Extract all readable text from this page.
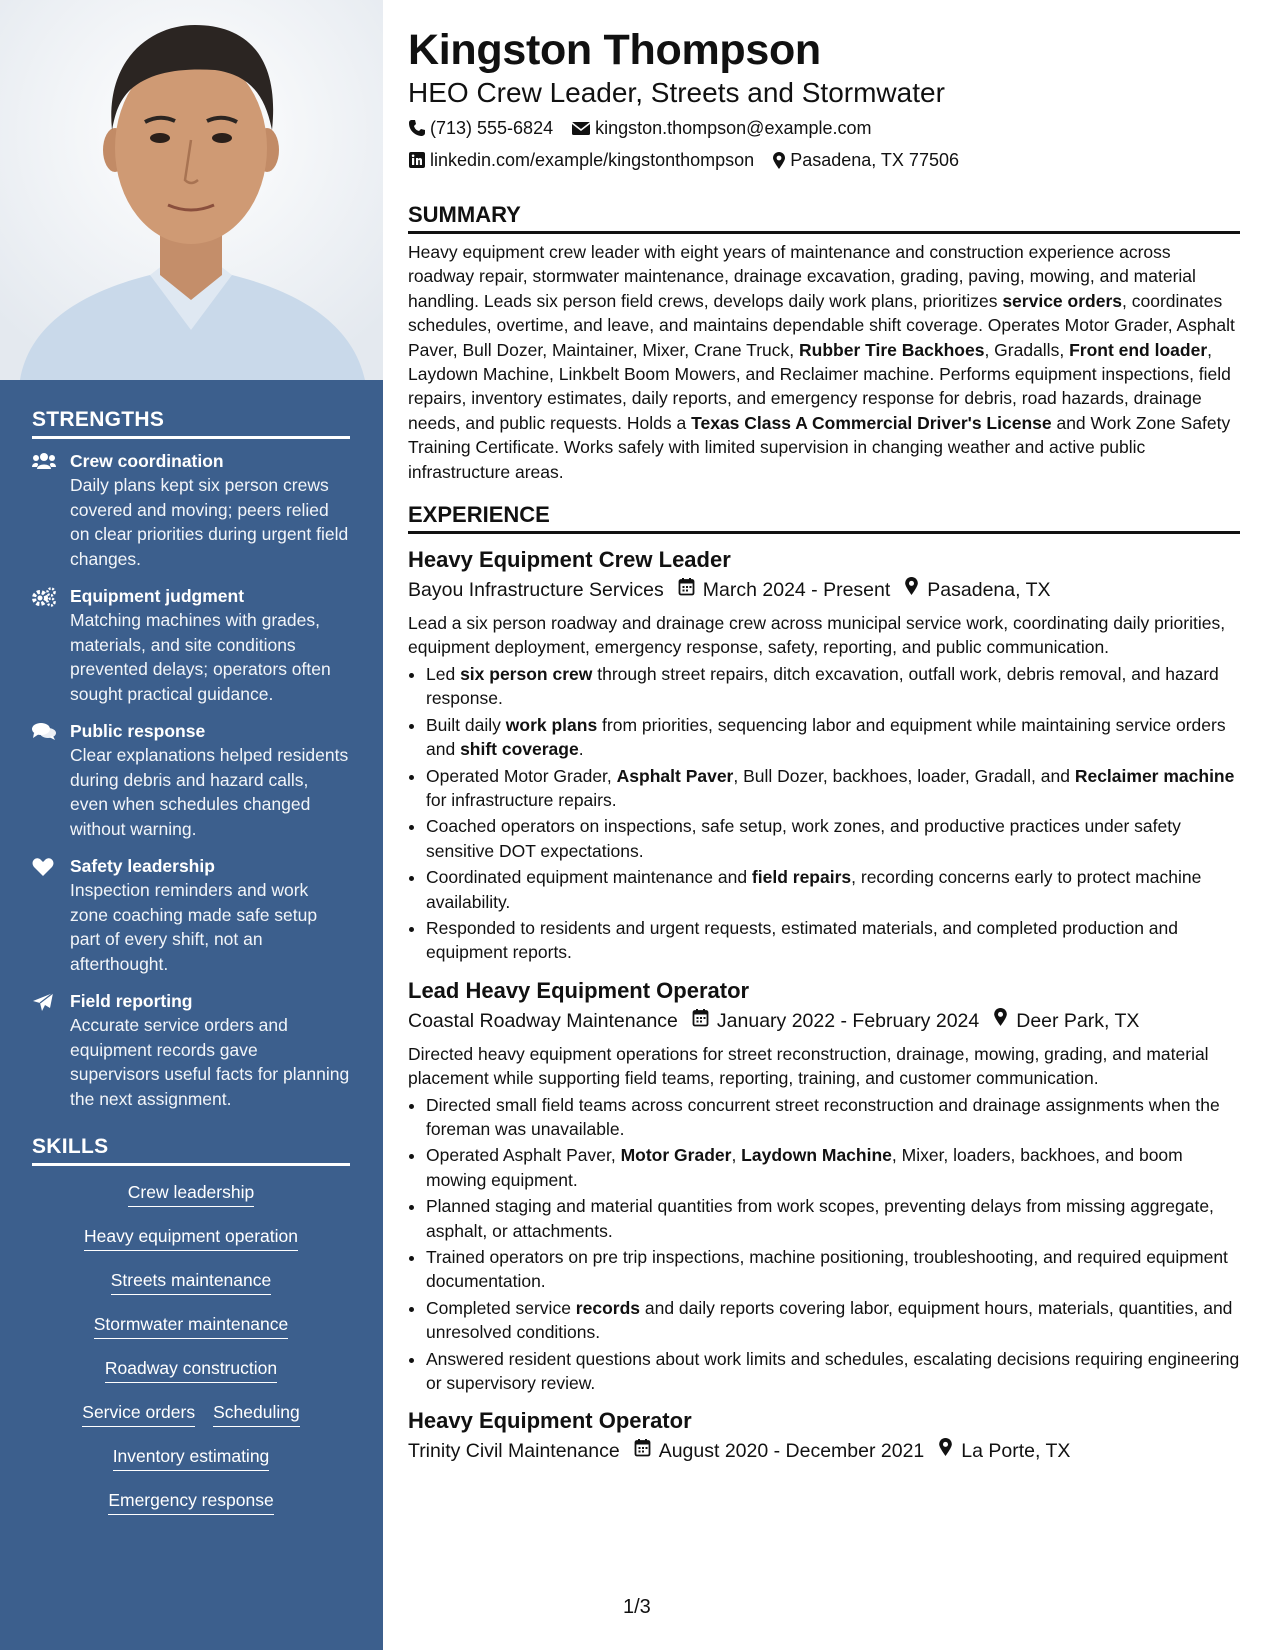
STRENGTHS
Crew coordination
Daily plans kept six person crews covered and moving; peers relied on clear priorities during urgent field changes.
Equipment judgment
Matching machines with grades, materials, and site conditions prevented delays; operators often sought practical guidance.
Public response
Clear explanations helped residents during debris and hazard calls, even when schedules changed without warning.
Safety leadership
Inspection reminders and work zone coaching made safe setup part of every shift, not an afterthought.
Field reporting
Accurate service orders and equipment records gave supervisors useful facts for planning the next assignment.
SKILLS
Crew leadership
Heavy equipment operation
Streets maintenance
Stormwater maintenance
Roadway construction
Service orders Scheduling
Inventory estimating
Emergency response
Kingston Thompson
HEO Crew Leader, Streets and Stormwater
(713) 555-6824 kingston.thompson@example.com
linkedin.com/example/kingstonthompson Pasadena, TX 77506
SUMMARY
Heavy equipment crew leader with eight years of maintenance and construction experience across roadway repair, stormwater maintenance, drainage excavation, grading, paving, mowing, and material handling. Leads six person field crews, develops daily work plans, prioritizes service orders, coordinates schedules, overtime, and leave, and maintains dependable shift coverage. Operates Motor Grader, Asphalt Paver, Bull Dozer, Maintainer, Mixer, Crane Truck, Rubber Tire Backhoes, Gradalls, Front end loader, Laydown Machine, Linkbelt Boom Mowers, and Reclaimer machine. Performs equipment inspections, field repairs, inventory estimates, daily reports, and emergency response for debris, road hazards, drainage needs, and public requests. Holds a Texas Class A Commercial Driver's License and Work Zone Safety Training Certificate. Works safely with limited supervision in changing weather and active public infrastructure areas.
EXPERIENCE
Heavy Equipment Crew Leader
Bayou Infrastructure Services March 2024 - Present Pasadena, TX
Lead a six person roadway and drainage crew across municipal service work, coordinating daily priorities, equipment deployment, emergency response, safety, reporting, and public communication.
• Led six person crew through street repairs, ditch excavation, outfall work, debris removal, and hazard response.
• Built daily work plans from priorities, sequencing labor and equipment while maintaining service orders and shift coverage.
• Operated Motor Grader, Asphalt Paver, Bull Dozer, backhoes, loader, Gradall, and Reclaimer machine for infrastructure repairs.
• Coached operators on inspections, safe setup, work zones, and productive practices under safety sensitive DOT expectations.
• Coordinated equipment maintenance and field repairs, recording concerns early to protect machine availability.
• Responded to residents and urgent requests, estimated materials, and completed production and equipment reports.
Lead Heavy Equipment Operator
Coastal Roadway Maintenance January 2022 - February 2024 Deer Park, TX
Directed heavy equipment operations for street reconstruction, drainage, mowing, grading, and material placement while supporting field teams, reporting, training, and customer communication.
• Directed small field teams across concurrent street reconstruction and drainage assignments when the foreman was unavailable.
• Operated Asphalt Paver, Motor Grader, Laydown Machine, Mixer, loaders, backhoes, and boom mowing equipment.
• Planned staging and material quantities from work scopes, preventing delays from missing aggregate, asphalt, or attachments.
• Trained operators on pre trip inspections, machine positioning, troubleshooting, and required equipment documentation.
• Completed service records and daily reports covering labor, equipment hours, materials, quantities, and unresolved conditions.
• Answered resident questions about work limits and schedules, escalating decisions requiring engineering or supervisory review.
Heavy Equipment Operator
Trinity Civil Maintenance August 2020 - December 2021 La Porte, TX
1/3
